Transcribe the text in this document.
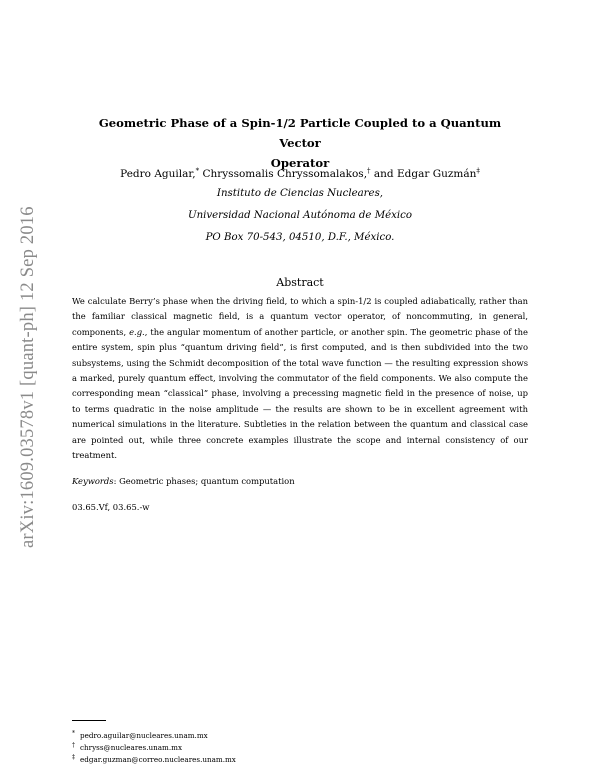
arXiv:1609.03578v1 [quant-ph] 12 Sep 2016
Geometric Phase of a Spin-1/2 Particle Coupled to a Quantum Vector
Operator
Pedro Aguilar,* Chryssomalis Chryssomalakos,† and Edgar Guzmán‡
Instituto de Ciencias Nucleares,
Universidad Nacional Autónoma de México
PO Box 70-543, 04510, D.F., México.
Abstract
We calculate Berry’s phase when the driving field, to which a spin-1/2 is coupled adiabatically, rather than the familiar classical magnetic field, is a quantum vector operator, of noncommuting, in general, components, e.g., the angular momentum of another particle, or another spin. The geometric phase of the entire system, spin plus “quantum driving field”, is first computed, and is then subdivided into the two subsystems, using the Schmidt decomposition of the total wave function — the resulting expression shows a marked, purely quantum effect, involving the commutator of the field components. We also compute the corresponding mean “classical” phase, involving a precessing magnetic field in the presence of noise, up to terms quadratic in the noise amplitude — the results are shown to be in excellent agreement with numerical simulations in the literature. Subtleties in the relation between the quantum and classical case are pointed out, while three concrete examples illustrate the scope and internal consistency of our treatment.
Keywords: Geometric phases; quantum computation
03.65.Vf, 03.65.-w
* pedro.aguilar@nucleares.unam.mx
† chryss@nucleares.unam.mx
‡ edgar.guzman@correo.nucleares.unam.mx
